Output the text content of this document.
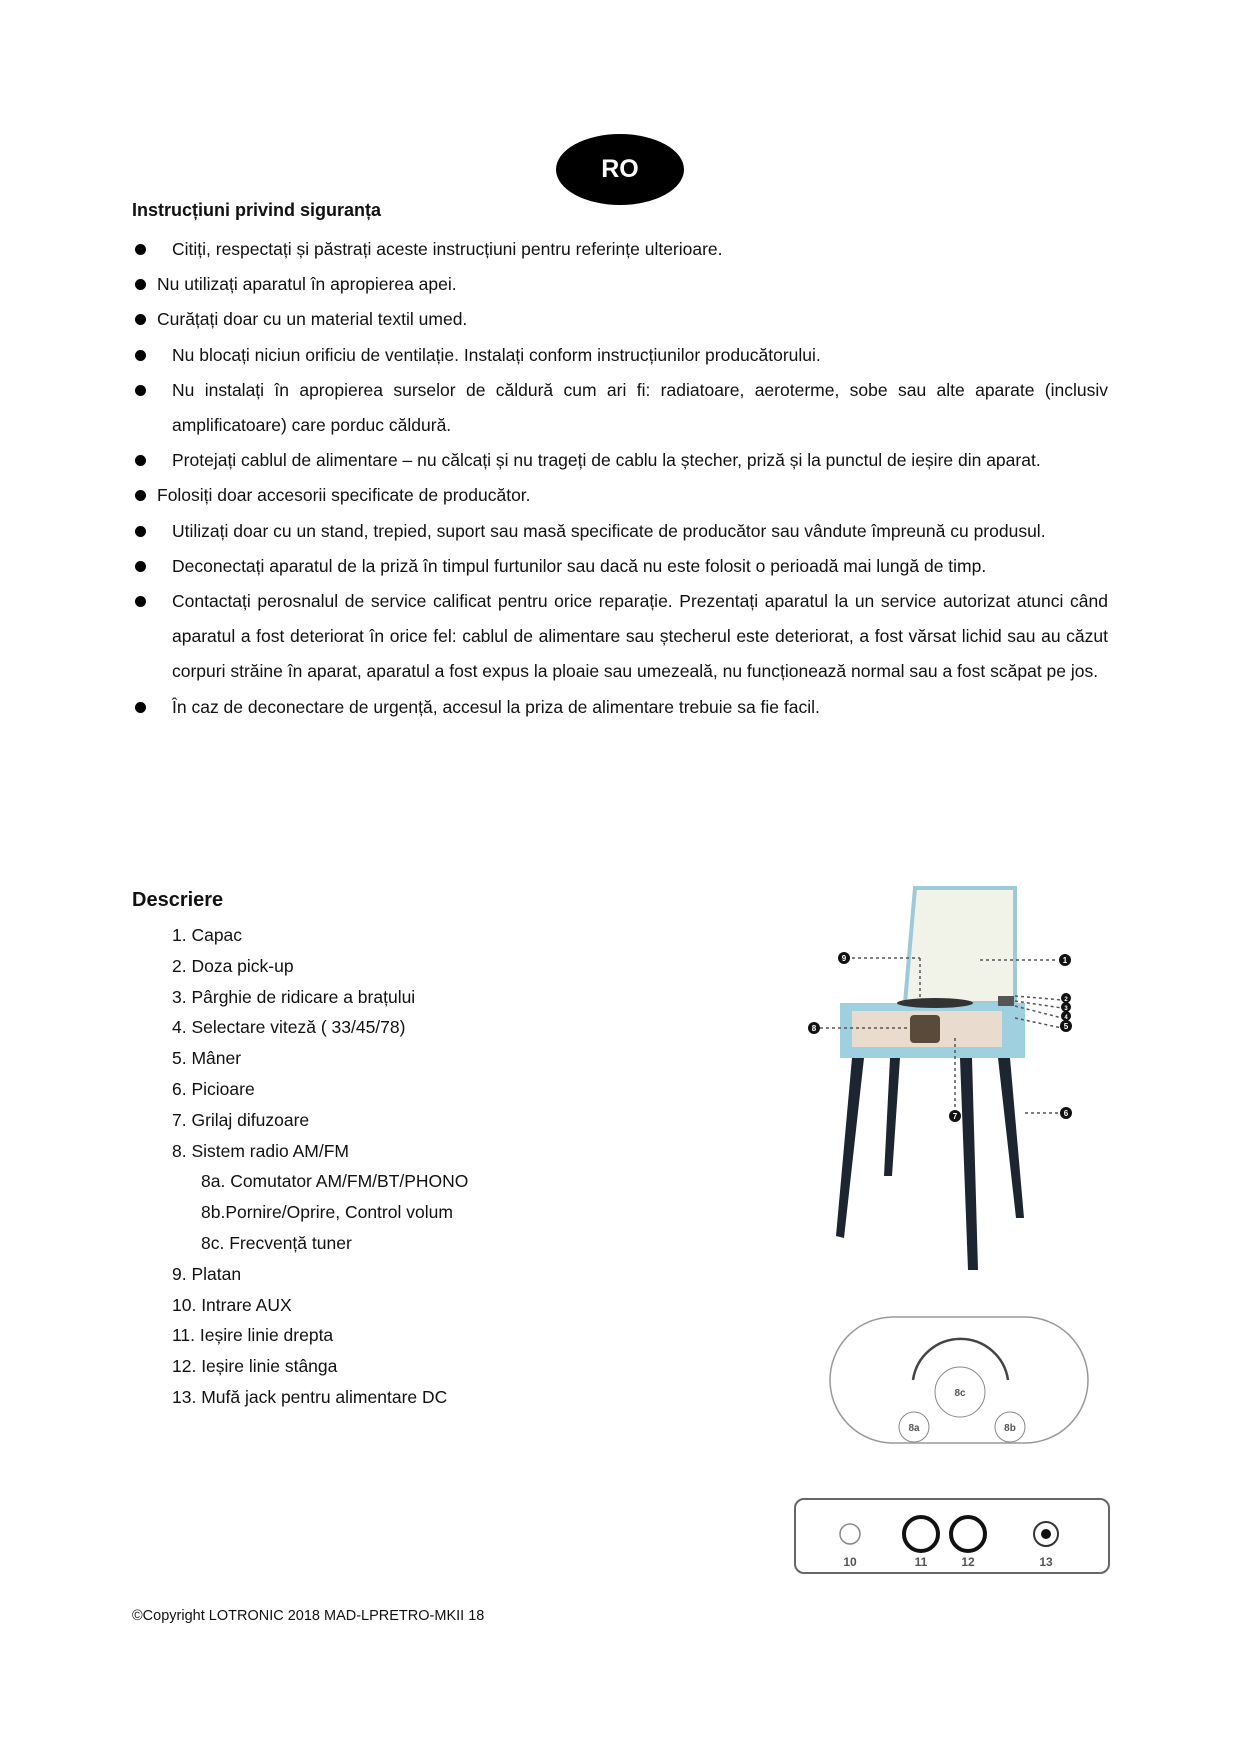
RO
Instrucțiuni privind siguranța
Citiți, respectați și păstrați aceste instrucțiuni pentru referințe ulterioare.
Nu utilizați aparatul în apropierea apei.
Curățați doar cu un material textil umed.
Nu blocați niciun orificiu de ventilație. Instalați conform instrucțiunilor producătorului.
Nu instalați în apropierea surselor de căldură cum ari fi: radiatoare, aeroterme, sobe sau alte aparate (inclusiv amplificatoare) care porduc căldură.
Protejați cablul de alimentare – nu călcați și nu trageți de cablu la ștecher, priză și la punctul de ieșire din aparat.
Folosiți doar accesorii specificate de producător.
Utilizați doar cu un stand, trepied, suport sau masă specificate de producător sau vândute împreună cu produsul.
Deconectați aparatul de la priză în timpul furtunilor sau dacă nu este folosit o perioadă mai lungă de timp.
Contactați perosnalul de service calificat pentru orice reparație. Prezentați aparatul la un service autorizat atunci când aparatul a fost deteriorat în orice fel: cablul de alimentare sau ștecherul este deteriorat, a fost vărsat lichid sau au căzut corpuri străine în aparat, aparatul a fost expus la ploaie sau umezeală, nu funcționează normal sau a fost scăpat pe jos.
În caz de deconectare de urgență, accesul la priza de alimentare trebuie sa fie facil.
Descriere
1. Capac
2. Doza pick-up
3. Pârghie de ridicare a brațului
4. Selectare viteză ( 33/45/78)
5. Mâner
6. Picioare
7. Grilaj difuzoare
8. Sistem radio AM/FM
8a. Comutator AM/FM/BT/PHONO
8b.Pornire/Oprire, Control volum
8c. Frecvență tuner
9. Platan
10. Intrare AUX
11. Ieșire linie drepta
12. Ieșire linie stânga
13. Mufă jack pentru alimentare DC
1
2
3
4
5
6
7
8
9
8c
8a	8b
10	11	12	13
©Copyright LOTRONIC 2018 MAD-LPRETRO-MKII 18
